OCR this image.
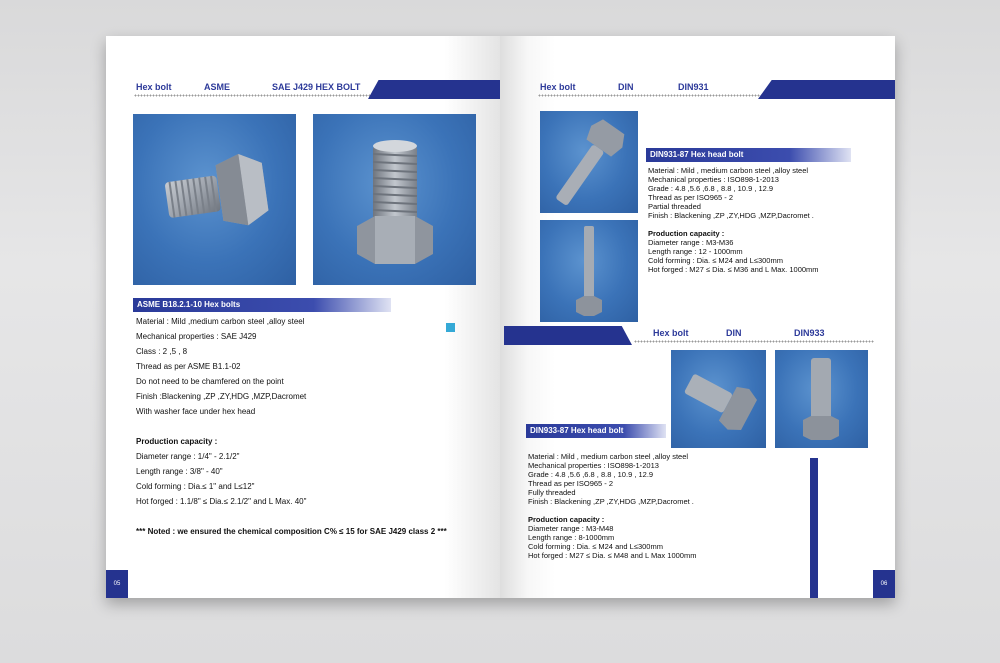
Hex bolt	ASME	SAE J429 HEX BOLT
ASME B18.2.1-10 Hex bolts
Material : Mild ,medium carbon steel ,alloy steel
Mechanical properties : SAE J429
Class : 2 ,5 , 8
Thread as per ASME B1.1-02
Do not need to be chamfered on the point
Finish :Blackening ,ZP ,ZY,HDG ,MZP,Dacromet
With washer face under hex head
Production capacity :
Diameter range : 1/4" - 2.1/2"
Length range : 3/8" - 40"
Cold forming : Dia.≤ 1" and L≤12"
Hot forged : 1.1/8" ≤ Dia.≤ 2.1/2" and L Max. 40"
*** Noted : we ensured the chemical composition C% ≤ 15 for SAE J429 class 2 ***
05
Hex bolt	DIN	DIN931
DIN931-87 Hex head bolt
Material : Mild , medium carbon steel ,alloy steel
Mechanical properties : ISO898-1-2013
Grade : 4.8 ,5.6 ,6.8 , 8.8 , 10.9 , 12.9
Thread as per ISO965 - 2
Partial threaded
Finish : Blackening ,ZP ,ZY,HDG ,MZP,Dacromet .
Production capacity :
Diameter range : M3-M36
Length range : 12 - 1000mm
Cold forming : Dia. ≤ M24 and L≤300mm
Hot forged : M27 ≤ Dia. ≤ M36 and L Max. 1000mm
Hex bolt	DIN	DIN933
DIN933-87 Hex head bolt
Material : Mild , medium carbon steel ,alloy steel
Mechanical properties : ISO898-1-2013
Grade : 4.8 ,5.6 ,6.8 , 8.8 , 10.9 , 12.9
Thread as per ISO965 - 2
Fully threaded
Finish : Blackening ,ZP ,ZY,HDG ,MZP,Dacromet .
Production capacity :
Diameter range : M3-M48
Length range : 8-1000mm
Cold forming : Dia. ≤ M24 and L≤300mm
Hot forged : M27 ≤ Dia. ≤ M48 and L Max 1000mm
06
